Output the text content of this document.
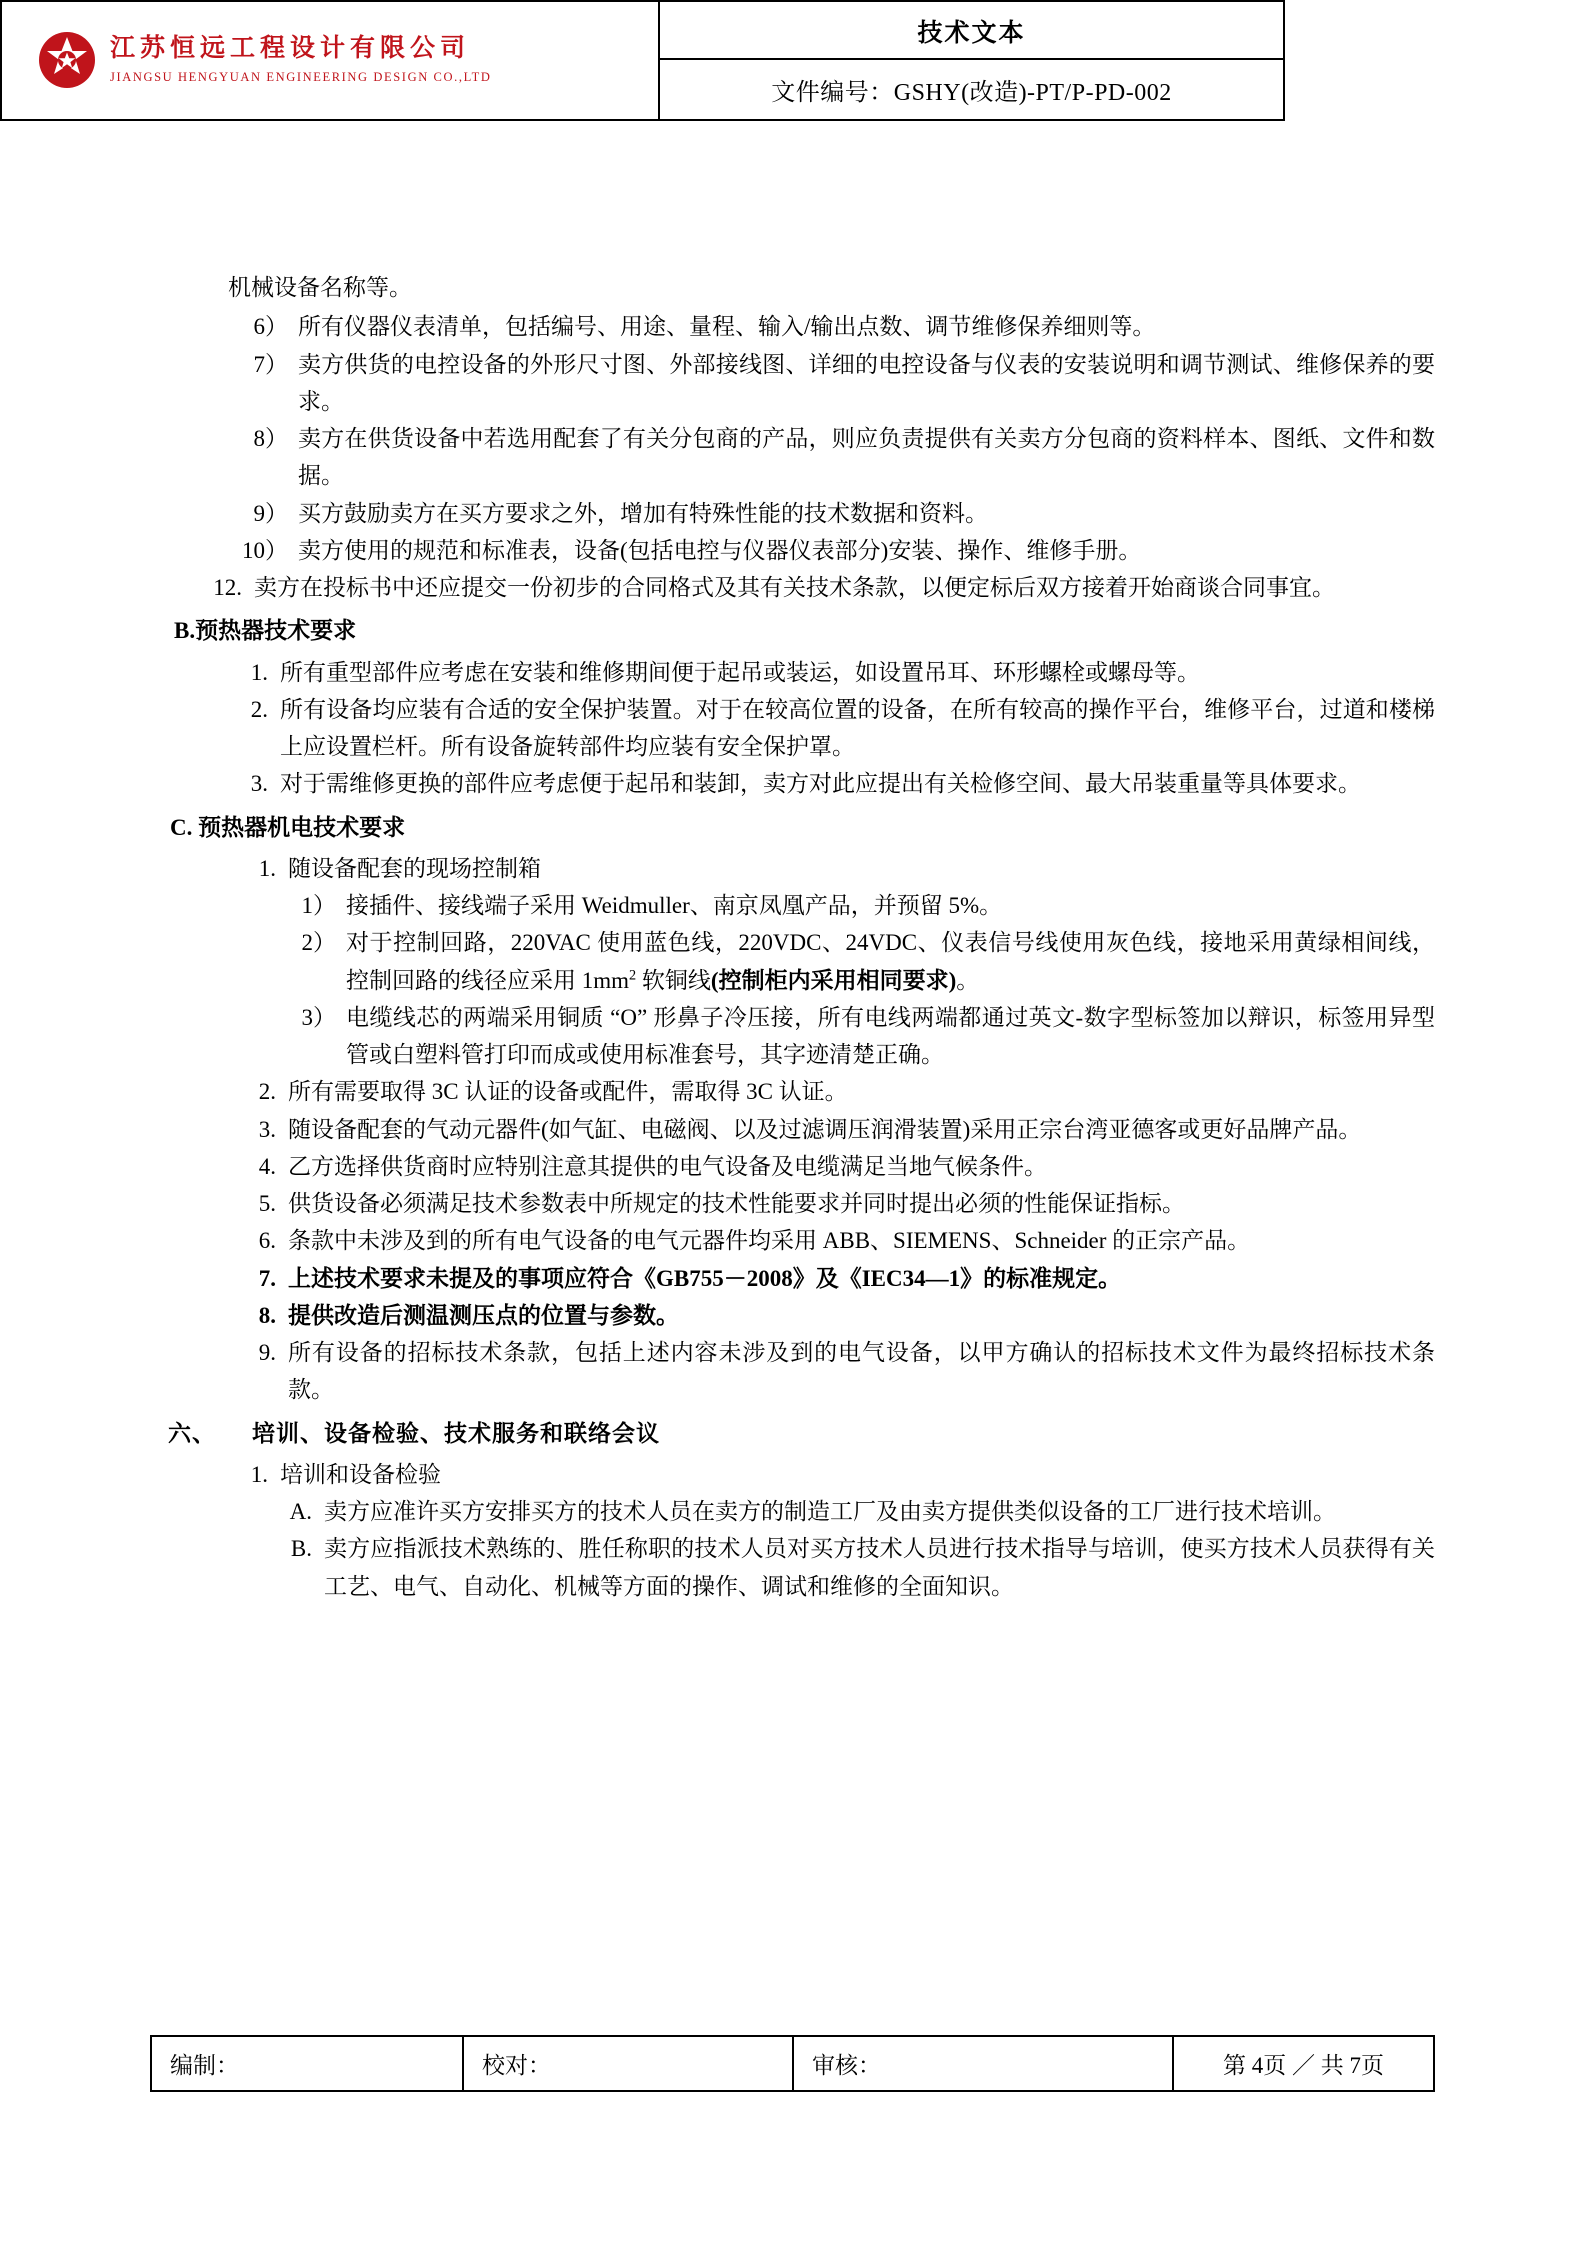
江苏恒远工程设计有限公司
JIANGSU HENGYUAN ENGINEERING DESIGN CO.,LTD
技术文本
文件编号：GSHY(改造)-PT/P-PD-002
机械设备名称等。
6） 所有仪器仪表清单，包括编号、用途、量程、输入/输出点数、调节维修保养细则等。
7） 卖方供货的电控设备的外形尺寸图、外部接线图、详细的电控设备与仪表的安装说明和调节测试、维修保养的要求。
8） 卖方在供货设备中若选用配套了有关分包商的产品，则应负责提供有关卖方分包商的资料样本、图纸、文件和数据。
9） 买方鼓励卖方在买方要求之外，增加有特殊性能的技术数据和资料。
10） 卖方使用的规范和标准表，设备(包括电控与仪器仪表部分)安装、操作、维修手册。
12. 卖方在投标书中还应提交一份初步的合同格式及其有关技术条款，以便定标后双方接着开始商谈合同事宜。
B.预热器技术要求
1. 所有重型部件应考虑在安装和维修期间便于起吊或装运，如设置吊耳、环形螺栓或螺母等。
2. 所有设备均应装有合适的安全保护装置。对于在较高位置的设备，在所有较高的操作平台，维修平台，过道和楼梯上应设置栏杆。所有设备旋转部件均应装有安全保护罩。
3. 对于需维修更换的部件应考虑便于起吊和装卸，卖方对此应提出有关检修空间、最大吊装重量等具体要求。
C. 预热器机电技术要求
1. 随设备配套的现场控制箱
1） 接插件、接线端子采用 Weidmuller、南京凤凰产品，并预留 5%。
2） 对于控制回路，220VAC 使用蓝色线，220VDC、24VDC、仪表信号线使用灰色线，接地采用黄绿相间线，控制回路的线径应采用 $1mm^2$ 软铜线(控制柜内采用相同要求)。
3） 电缆线芯的两端采用铜质 “O” 形鼻子冷压接，所有电线两端都通过英文-数字型标签加以辩识，标签用异型管或白塑料管打印而成或使用标准套号，其字迹清楚正确。
2. 所有需要取得 3C 认证的设备或配件，需取得 3C 认证。
3. 随设备配套的气动元器件(如气缸、电磁阀、以及过滤调压润滑装置)采用正宗台湾亚德客或更好品牌产品。
4. 乙方选择供货商时应特别注意其提供的电气设备及电缆满足当地气候条件。
5. 供货设备必须满足技术参数表中所规定的技术性能要求并同时提出必须的性能保证指标。
6. 条款中未涉及到的所有电气设备的电气元器件均采用 ABB、SIEMENS、Schneider 的正宗产品。
7. 上述技术要求未提及的事项应符合《GB755－2008》及《IEC34—1》的标准规定。
8. 提供改造后测温测压点的位置与参数。
9. 所有设备的招标技术条款，包括上述内容未涉及到的电气设备，以甲方确认的招标技术文件为最终招标技术条款。
六、 培训、设备检验、技术服务和联络会议
1. 培训和设备检验
A. 卖方应准许买方安排买方的技术人员在卖方的制造工厂及由卖方提供类似设备的工厂进行技术培训。
B. 卖方应指派技术熟练的、胜任称职的技术人员对买方技术人员进行技术指导与培训，使买方技术人员获得有关工艺、电气、自动化、机械等方面的操作、调试和维修的全面知识。
编制：	校对：	审核：	第 4页 ／ 共 7页
